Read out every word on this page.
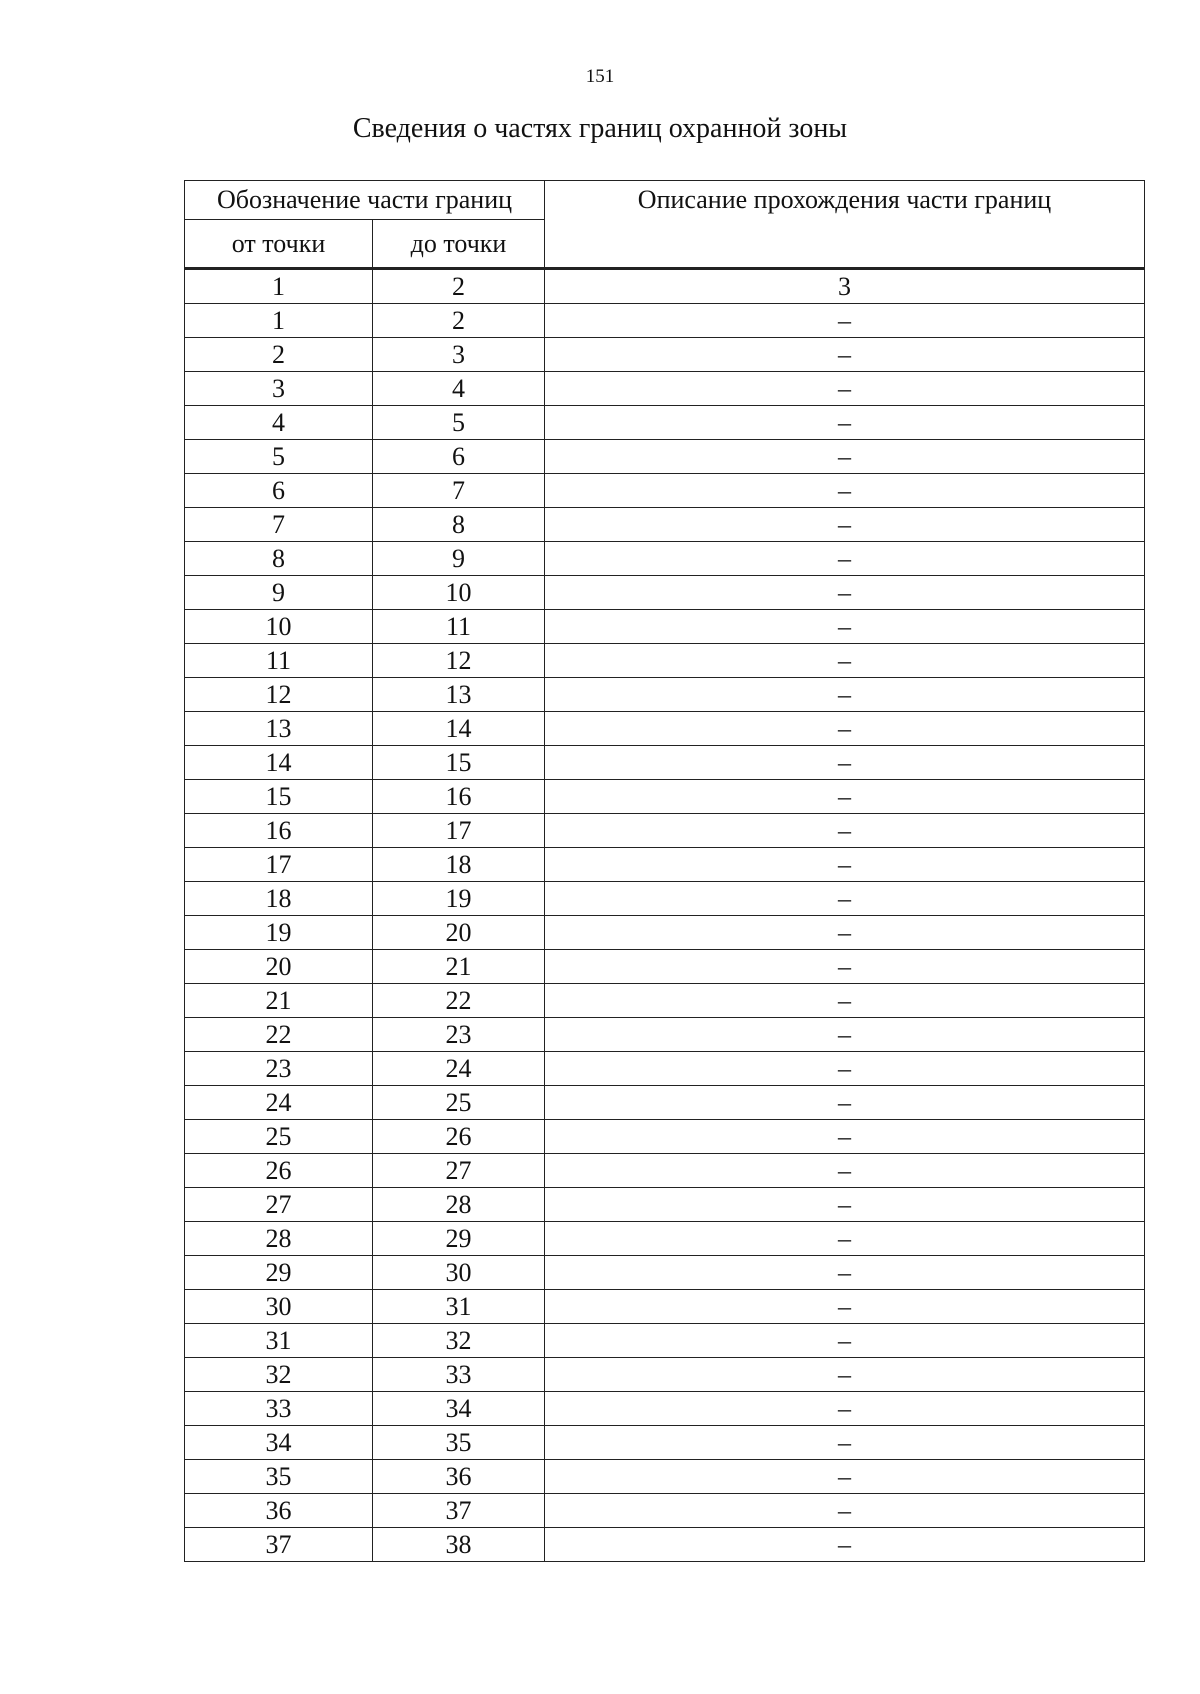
151
Сведения о частях границ охранной зоны
Обозначение части границ		Описание прохождения части границ
от точки	до точки	
1	2	3
1	2	–
2	3	–
3	4	–
4	5	–
5	6	–
6	7	–
7	8	–
8	9	–
9	10	–
10	11	–
11	12	–
12	13	–
13	14	–
14	15	–
15	16	–
16	17	–
17	18	–
18	19	–
19	20	–
20	21	–
21	22	–
22	23	–
23	24	–
24	25	–
25	26	–
26	27	–
27	28	–
28	29	–
29	30	–
30	31	–
31	32	–
32	33	–
33	34	–
34	35	–
35	36	–
36	37	–
37	38	–
